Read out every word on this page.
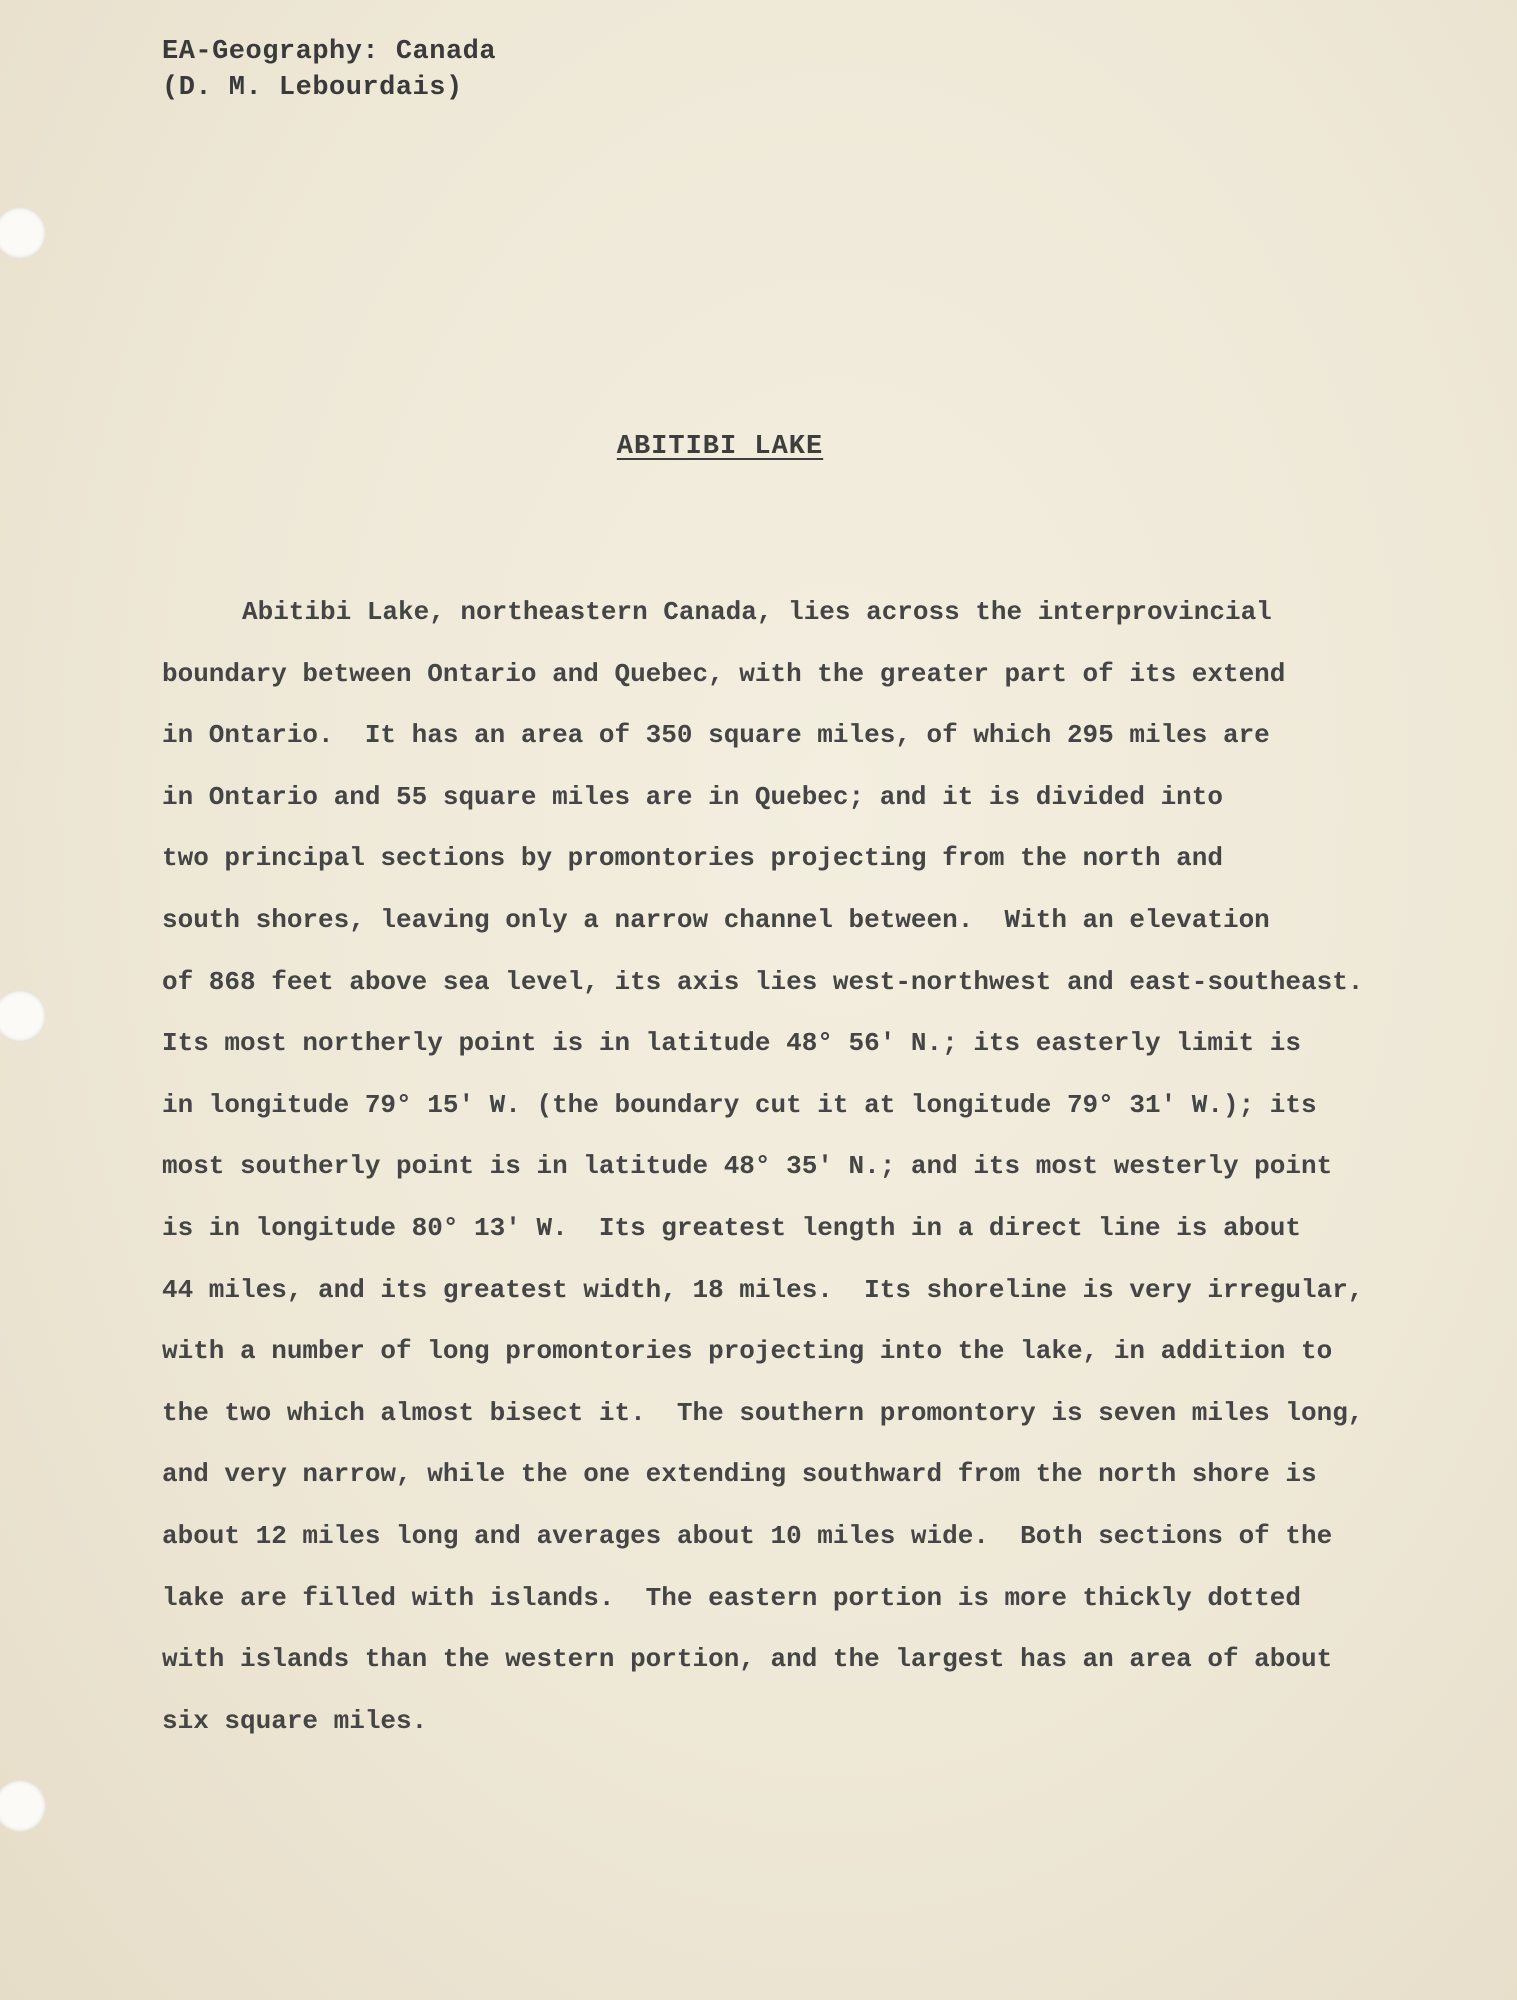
EA-Geography: Canada
(D. M. Lebourdais)
ABITIBI LAKE
Abitibi Lake, northeastern Canada, lies across the interprovincial
boundary between Ontario and Quebec, with the greater part of its extend
in Ontario.  It has an area of 350 square miles, of which 295 miles are
in Ontario and 55 square miles are in Quebec; and it is divided into
two principal sections by promontories projecting from the north and
south shores, leaving only a narrow channel between.  With an elevation
of 868 feet above sea level, its axis lies west-northwest and east-southeast.
Its most northerly point is in latitude 48° 56' N.; its easterly limit is
in longitude 79° 15' W. (the boundary cut it at longitude 79° 31' W.); its
most southerly point is in latitude 48° 35' N.; and its most westerly point
is in longitude 80° 13' W.  Its greatest length in a direct line is about
44 miles, and its greatest width, 18 miles.  Its shoreline is very irregular,
with a number of long promontories projecting into the lake, in addition to
the two which almost bisect it.  The southern promontory is seven miles long,
and very narrow, while the one extending southward from the north shore is
about 12 miles long and averages about 10 miles wide.  Both sections of the
lake are filled with islands.  The eastern portion is more thickly dotted
with islands than the western portion, and the largest has an area of about
six square miles.
